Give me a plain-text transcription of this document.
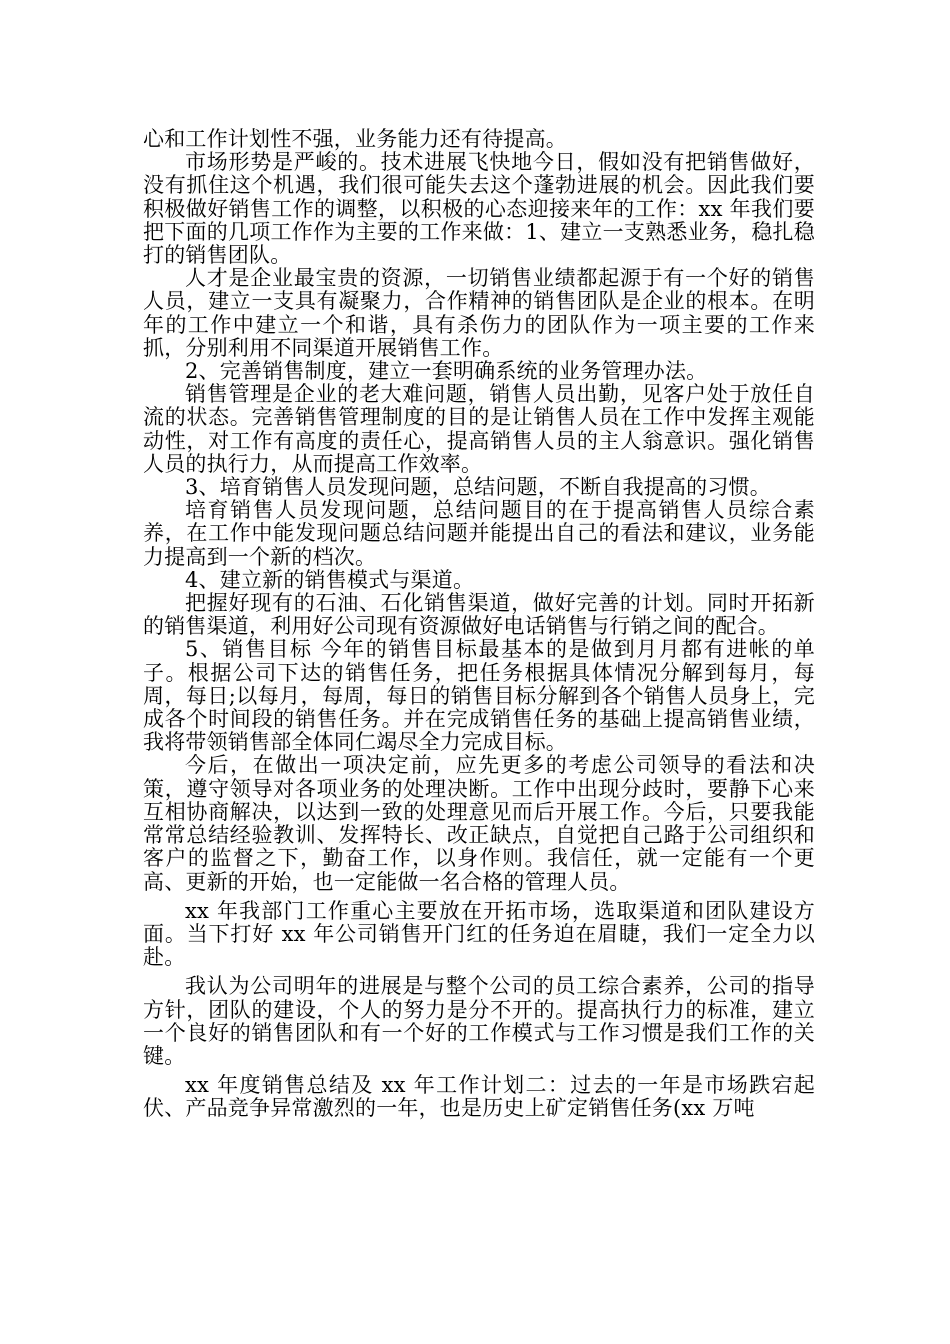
心和工作计划性不强，业务能力还有待提高。

市场形势是严峻的。技术进展飞快地今日，假如没有把销售做好，没有抓住这个机遇，我们很可能失去这个蓬勃进展的机会。因此我们要积极做好销售工作的调整，以积极的心态迎接来年的工作：xx 年我们要把下面的几项工作作为主要的工作来做：1、建立一支熟悉业务，稳扎稳打的销售团队。

人才是企业最宝贵的资源，一切销售业绩都起源于有一个好的销售人员，建立一支具有凝聚力，合作精神的销售团队是企业的根本。在明年的工作中建立一个和谐，具有杀伤力的团队作为一项主要的工作来抓，分别利用不同渠道开展销售工作。

2、完善销售制度，建立一套明确系统的业务管理办法。

销售管理是企业的老大难问题，销售人员出勤，见客户处于放任自流的状态。完善销售管理制度的目的是让销售人员在工作中发挥主观能动性，对工作有高度的责任心，提高销售人员的主人翁意识。强化销售人员的执行力，从而提高工作效率。

3、培育销售人员发现问题，总结问题，不断自我提高的习惯。

培育销售人员发现问题，总结问题目的在于提高销售人员综合素养，在工作中能发现问题总结问题并能提出自己的看法和建议，业务能力提高到一个新的档次。

4、建立新的销售模式与渠道。

把握好现有的石油、石化销售渠道，做好完善的计划。同时开拓新的销售渠道，利用好公司现有资源做好电话销售与行销之间的配合。

5、销售目标 今年的销售目标最基本的是做到月月都有进帐的单子。根据公司下达的销售任务，把任务根据具体情况分解到每月，每周，每日;以每月，每周，每日的销售目标分解到各个销售人员身上，完成各个时间段的销售任务。并在完成销售任务的基础上提高销售业绩，我将带领销售部全体同仁竭尽全力完成目标。

今后，在做出一项决定前，应先更多的考虑公司领导的看法和决策，遵守领导对各项业务的处理决断。工作中出现分歧时，要静下心来互相协商解决，以达到一致的处理意见而后开展工作。今后，只要我能常常总结经验教训、发挥特长、改正缺点，自觉把自己路于公司组织和客户的监督之下，勤奋工作，以身作则。我信任，就一定能有一个更高、更新的开始，也一定能做一名合格的管理人员。

xx 年我部门工作重心主要放在开拓市场，选取渠道和团队建设方面。当下打好 xx 年公司销售开门红的任务迫在眉睫，我们一定全力以赴。

我认为公司明年的进展是与整个公司的员工综合素养，公司的指导方针，团队的建设，个人的努力是分不开的。提高执行力的标准，建立一个良好的销售团队和有一个好的工作模式与工作习惯是我们工作的关键。

xx 年度销售总结及 xx 年工作计划二：过去的一年是市场跌宕起伏、产品竞争异常激烈的一年，也是历史上矿定销售任务(xx 万吨
